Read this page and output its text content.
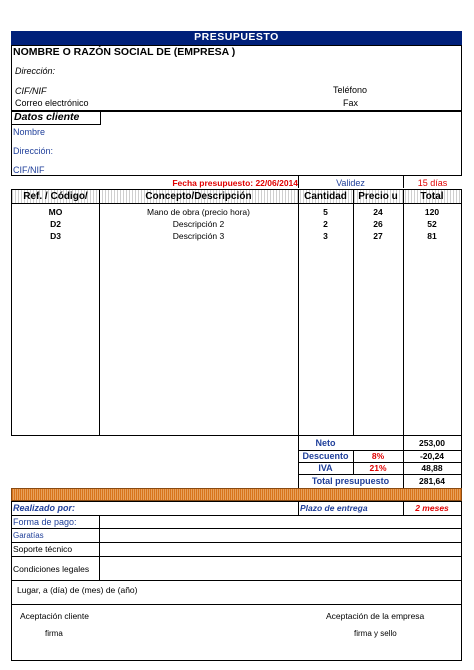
PRESUPUESTO
NOMBRE O RAZÓN SOCIAL DE (EMPRESA )
Dirección:
CIF/NIF	Teléfono
Correo electrónico	Fax
Datos cliente
Nombre
Dirección:
CIF/NIF
Fecha presupuesto: 22/06/2014	Validez	15 días
Ref. / Código/	Concepto/Descripción	Cantidad	Precio u	Total
MO	Mano de obra (precio hora)	5	24	120
D2	Descripción 2	2	26	52
D3	Descripción 3	3	27	81
Neto	253,00
Descuento	8%	-20,24
IVA	21%	48,88
Total presupuesto	281,64
Realizado por:	Plazo de entrega	2 meses
Forma de pago:
Garatías
Soporte técnico
Condiciones legales
Lugar, a (día) de (mes) de (año)
Aceptación cliente
firma
Aceptación de la empresa
firma y sello
